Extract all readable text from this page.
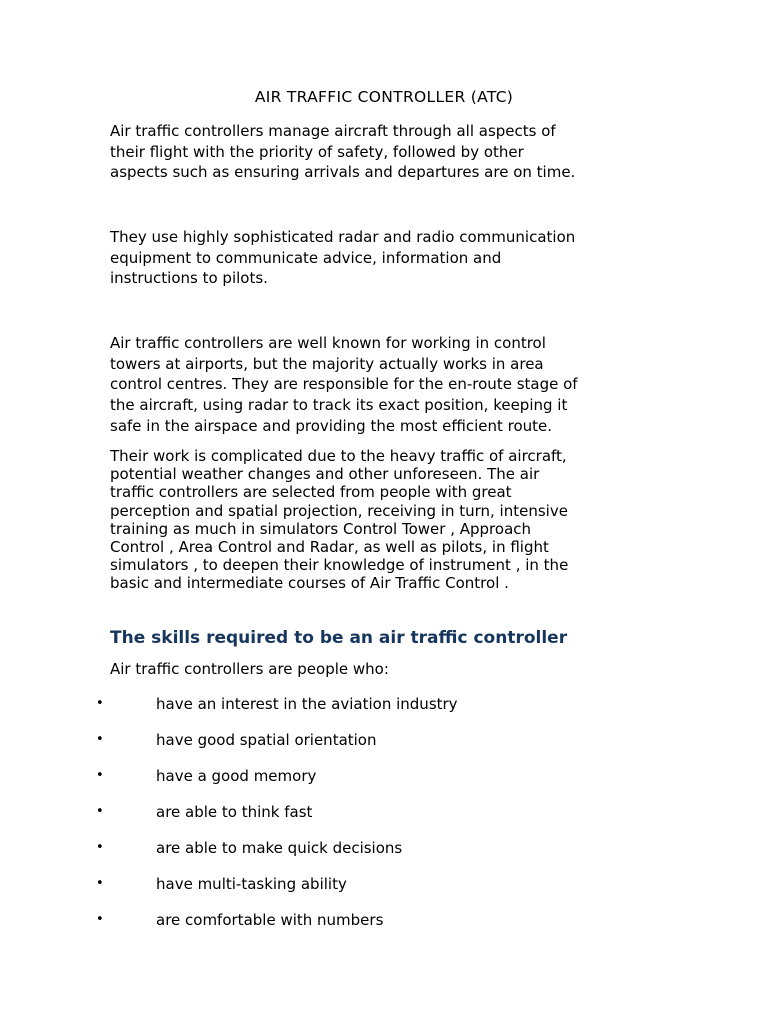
AIR TRAFFIC CONTROLLER (ATC)

Air traffic controllers manage aircraft through all aspects of
their flight with the priority of safety, followed by other
aspects such as ensuring arrivals and departures are on time.

They use highly sophisticated radar and radio communication
equipment to communicate advice, information and
instructions to pilots.

Air traffic controllers are well known for working in control
towers at airports, but the majority actually works in area
control centres. They are responsible for the en-route stage of
the aircraft, using radar to track its exact position, keeping it
safe in the airspace and providing the most efficient route.

Their work is complicated due to the heavy traffic of aircraft,
potential weather changes and other unforeseen. The air
traffic controllers are selected from people with great
perception and spatial projection, receiving in turn, intensive
training as much in simulators Control Tower , Approach
Control , Area Control and Radar, as well as pilots, in flight
simulators , to deepen their knowledge of instrument , in the
basic and intermediate courses of Air Traffic Control .

The skills required to be an air traffic controller
Air traffic controllers are people who:
•	have an interest in the aviation industry
•	have good spatial orientation
•	have a good memory
•	are able to think fast
•	are able to make quick decisions
•	have multi-tasking ability
•	are comfortable with numbers
